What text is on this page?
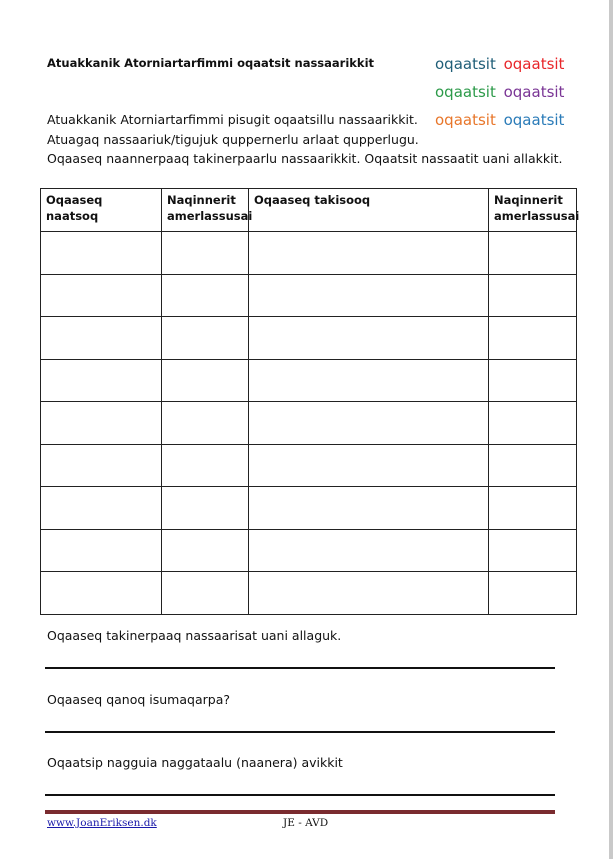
Atuakkanik Atorniartarfimmi oqaatsit nassaarikkit	oqaatsit oqaatsit
oqaatsit oqaatsit
oqaatsit oqaatsit
Atuakkanik Atorniartarfimmi pisugit oqaatsillu nassaarikkit.
Atuagaq nassaariuk/tigujuk quppernerlu arlaat qupperlugu.
Oqaaseq naannerpaaq takinerpaarlu nassaarikkit. Oqaatsit nassaatit uani allakkit.
Oqaaseq naatsoq	Naqinnerit amerlassusai	Oqaaseq takisooq	Naqinnerit amerlassusai

Oqaaseq takinerpaaq nassaarisat uani allaguk.
Oqaaseq qanoq isumaqarpa?
Oqaatsip nagguia naggataalu (naanera) avikkit
www.JoanEriksen.dk	JE - AVD
